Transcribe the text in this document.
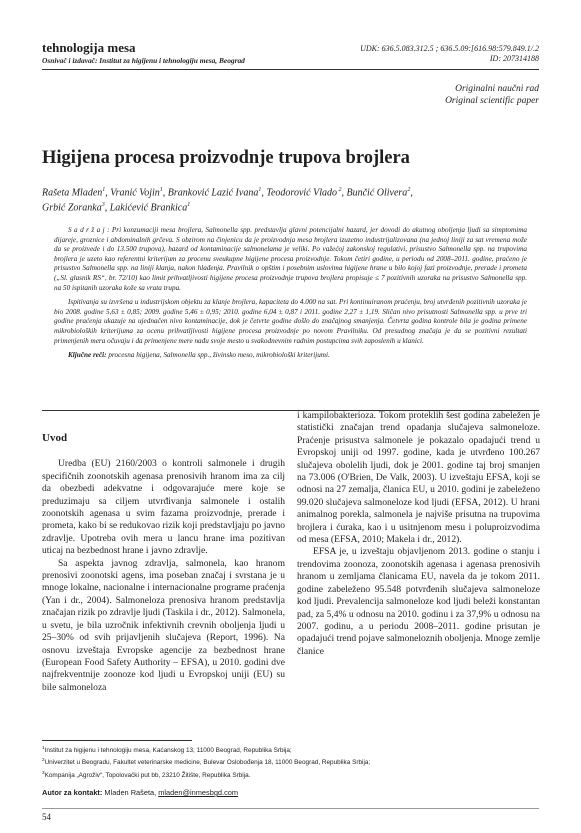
tehnologija mesa
Osnivač i izdavač: Institut za higijenu i tehnologiju mesa, Beograd
UDK: 636.5.083.312.5 ; 636.5.09:[616.98:579.849.1/.2
ID: 207314188
Originalni naučni rad
Original scientific paper
Higijena procesa proizvodnje trupova brojlera
Rašeta Mladen$^1$, Vranić Vojin$^1$, Branković Lazić Ivana$^1$, Teodorović Vlado $^2$, Bunčić Olivera$^2$,
Grbić Zoranka$^3$, Lakićević Brankica$^1$

S a d r ž a j : Pri konzumaciji mesa brojlera, Salmonella spp. predstavlja glavni potencijalni hazard, jer dovodi do akutnog oboljenja ljudi sa simptomima dijareje, groznice i abdominalnih grčeva. S obzirom na činjenicu da je proizvodnja mesa brojlera izuzetno industrijalizovana (na jednoj liniji za sat vremena može da se proizvede i do 13.500 trupova), hazard od kontaminacije salmonelama je veliki. Po važećoj zakonskoj regulativi, prisustvo Salmonella spp. na trupovima brojlera je uzeto kao referentni kriterijum za procenu sveukupne higijene procesa proizvodnje. Tokom četiri godine, u periodu od 2008–2011. godine, praćeno je prisustvo Salmonella spp. na liniji klanja, nakon hlađenja. Pravilnik o opštim i posebnim uslovima higijene hrane u bilo kojoj fazi proizvodnje, prerade i prometa („Sl. glasnik RS“, br. 72/10) kao limit prihvatljivosti higijene procesa proizvodnje trupova brojlera propisuje ≤ 7 pozitivnih uzoraka na prisustvo Salmonella spp. na 50 ispitanih uzoraka kože sa vrata trupa.

Ispitivanja su izvršena u industrijskom objektu za klanje brojlera, kapaciteta do 4.000 na sat. Pri kontinuiranom praćenju, broj utvrđenih pozitivnih uzoraka je bio 2008. godine 5,63 ± 0,85; 2009. godine 5,46 ± 0,95; 2010. godine 6,04 ± 0,87 i 2011. godine 2,27 ± 1,19. Sličan nivo prisutnosti Salmonella spp. u prve tri godine praćenja ukazuje na ujednačen nivo kontaminacije, dok je četvrte godine došlo do značajnog smanjenja. Četvrta godina kontrole bila je godina primene mikrobioloških kriterijuma za ocenu prihvatljivosti higijene procesa proizvodnje po novom Pravilniku. Od presudnog značaja je da se pozitivni rezultati primenjenih mera očuvaju i da primenjene mere nađu svoje mesto u svakodnevnim radnim postupcima svih zaposlenih u klanici.

Ključne reči: procesna higijena, Salmonella spp., živinsko meso, mikrobiološki kriterijumi.

Uvod

Uredba (EU) 2160/2003 o kontroli salmonele i drugih specifičnih zoonotskih agenasa prenosivih hranom ima za cilj da obezbedi adekvatne i odgovarajuće mere koje se preduzimaju sa ciljem utvrđivanja salmonele i ostalih zoonotskih agenasa u svim fazama proizvodnje, prerade i prometa, kako bi se redukovao rizik koji predstavljaju po javno zdravlje. Upotreba ovih mera u lancu hrane ima pozitivan uticaj na bezbednost hrane i javno zdravlje.

Sa aspekta javnog zdravlja, salmonela, kao hranom prenosivi zoonotski agens, ima poseban značaj i svrstana je u mnoge lokalne, nacionalne i internacionalne programe praćenja (Yan i dr., 2004). Salmoneloza prenosiva hranom predstavlja značajan rizik po zdravlje ljudi (Taskila i dr., 2012). Salmonela, u svetu, je bila uzročnik infektivnih crevnih oboljenja ljudi u 25–30% od svih prijavljenih slučajeva (Report, 1996). Na osnovu izveštaja Evropske agencije za bezbednost hrane (European Food Safety Authority – EFSA), u 2010. godini dve najfrekventnije zoonoze kod ljudi u Evropskoj uniji (EU) su bile salmoneloza

i kampilobakterioza. Tokom proteklih šest godina zabeležen je statistički značajan trend opadanja slučajeva salmoneloze. Praćenje prisustva salmonele je pokazalo opadajući trend u Evropskoj uniji od 1997. godine, kada je utvrđeno 100.267 slučajeva obolelih ljudi, dok je 2001. godine taj broj smanjen na 73.006 (O'Brien, De Valk, 2003). U izveštaju EFSA, koji se odnosi na 27 zemalja, članica EU, u 2010. godini je zabeleženo 99.020 slučajeva salmoneloze kod ljudi (EFSA, 2012). U hrani animalnog porekla, salmonela je najviše prisutna na trupovima brojlera i ćuraka, kao i u usitnjenom mesu i poluproizvodima od mesa (EFSA, 2010; Makela i dr., 2012).

EFSA je, u izveštaju objavljenom 2013. godine o stanju i trendovima zoonoza, zoonotskih agenasa i agenasa prenosivih hranom u zemljama članicama EU, navela da je tokom 2011. godine zabeleženo 95.548 potvrđenih slučajeva salmoneloze kod ljudi. Prevalencija salmoneloze kod ljudi beleži konstantan pad, za 5,4% u odnosu na 2010. godinu i za 37,9% u odnosu na 2007. godinu, a u periodu 2008–2011. godine prisutan je opadajući trend pojave salmoneloznih oboljenja. Mnoge zemlje članice

$^1$Institut za higijenu i tehnologiju mesa, Kaćanskog 13, 11000 Beograd, Republika Srbija;
$^2$Univerzitet u Beogradu, Fakultet veterinarske medicine, Bulevar Oslobođenja 18, 11000 Beograd, Republika Srbija;
$^3$Kompanija „Agroživ“, Topolovački put bb, 23210 Žitište, Republika Srbija.
Autor za kontakt: Mladen Rašeta, mladen@inmesbgd.com
54
